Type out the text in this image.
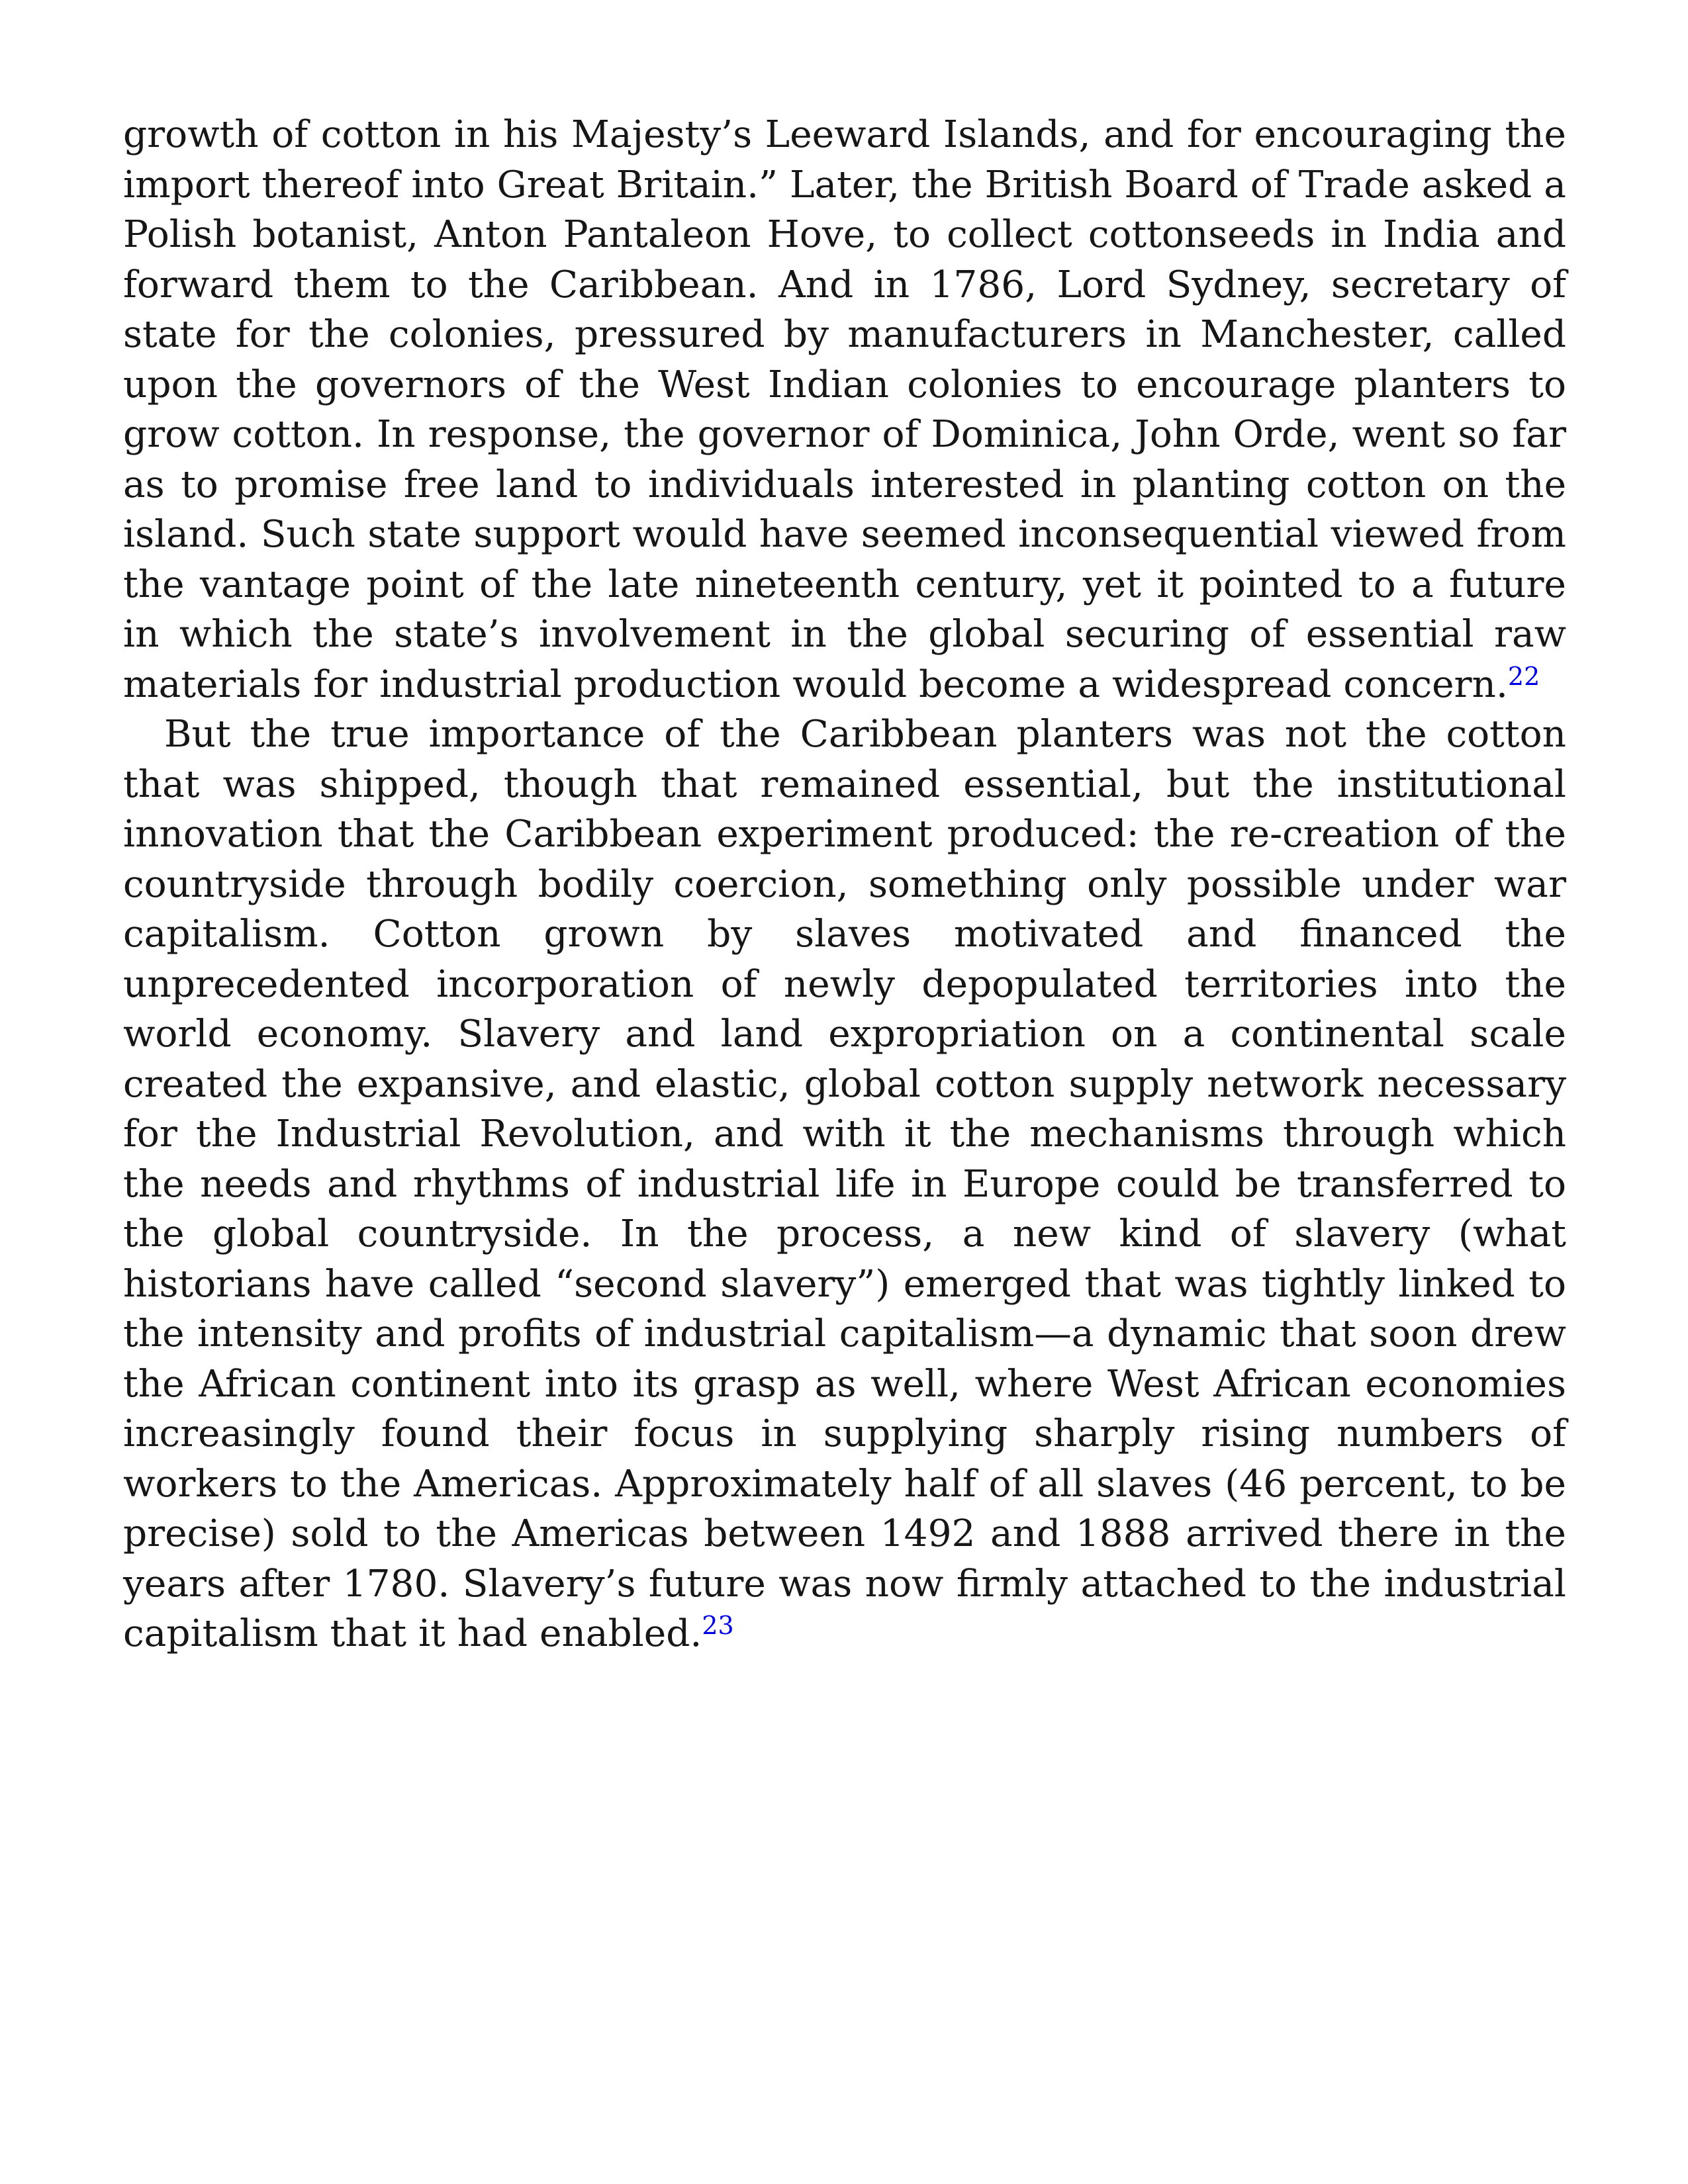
growth of cotton in his Majesty’s Leeward Islands, and for encouraging the import thereof into Great Britain.” Later, the British Board of Trade asked a Polish botanist, Anton Pantaleon Hove, to collect cottonseeds in India and forward them to the Caribbean. And in 1786, Lord Sydney, secretary of state for the colonies, pressured by manufacturers in Manchester, called upon the governors of the West Indian colonies to encourage planters to grow cotton. In response, the governor of Dominica, John Orde, went so far as to promise free land to individuals interested in planting cotton on the island. Such state support would have seemed inconsequential viewed from the vantage point of the late nineteenth century, yet it pointed to a future in which the state’s involvement in the global securing of essential raw materials for industrial production would become a widespread concern.$^{22}$

But the true importance of the Caribbean planters was not the cotton that was shipped, though that remained essential, but the institutional innovation that the Caribbean experiment produced: the re-creation of the countryside through bodily coercion, something only possible under war capitalism. Cotton grown by slaves motivated and financed the unprecedented incorporation of newly depopulated territories into the world economy. Slavery and land expropriation on a continental scale created the expansive, and elastic, global cotton supply network necessary for the Industrial Revolution, and with it the mechanisms through which the needs and rhythms of industrial life in Europe could be transferred to the global countryside. In the process, a new kind of slavery (what historians have called “second slavery”) emerged that was tightly linked to the intensity and profits of industrial capitalism—a dynamic that soon drew the African continent into its grasp as well, where West African economies increasingly found their focus in supplying sharply rising numbers of workers to the Americas. Approximately half of all slaves (46 percent, to be precise) sold to the Americas between 1492 and 1888 arrived there in the years after 1780. Slavery’s future was now firmly attached to the industrial capitalism that it had enabled.$^{23}$
